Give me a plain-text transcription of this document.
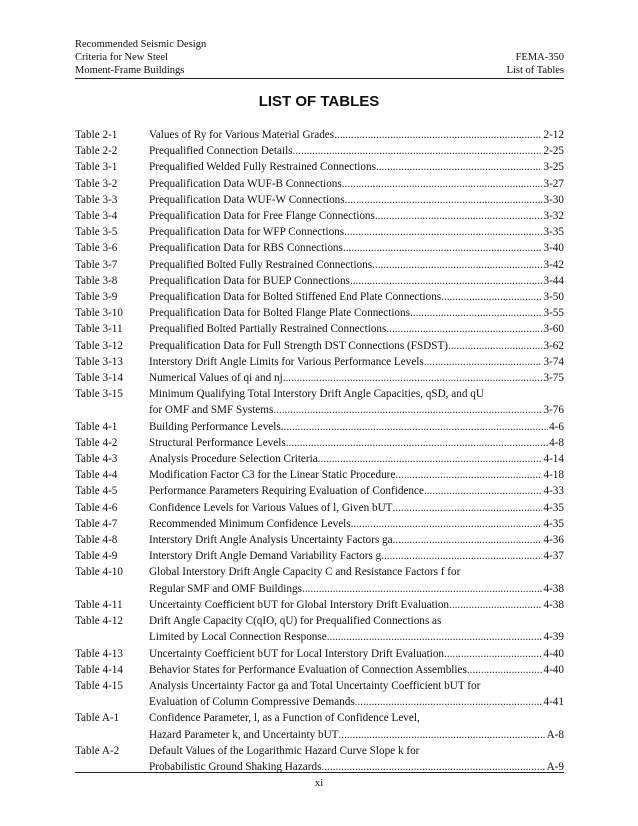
Recommended Seismic Design
Criteria for New Steel
Moment-Frame Buildings
FEMA-350
List of Tables
LIST OF TABLES
Table 2-1	Values of Ry for Various Material Grades .....	2-12
Table 2-2	Prequalified Connection Details .....	2-25
Table 3-1	Prequalified Welded Fully Restrained Connections .....	3-25
Table 3-2	Prequalification Data WUF-B Connections .....	3-27
Table 3-3	Prequalification Data WUF-W Connections .....	3-30
Table 3-4	Prequalification Data for Free Flange Connections .....	3-32
Table 3-5	Prequalification Data for WFP Connections .....	3-35
Table 3-6	Prequalification Data for RBS Connections .....	3-40
Table 3-7	Prequalified Bolted Fully Restrained Connections .....	3-42
Table 3-8	Prequalification Data for BUEP Connections .....	3-44
Table 3-9	Prequalification Data for Bolted Stiffened End Plate Connections .....	3-50
Table 3-10	Prequalification Data for Bolted Flange Plate Connections .....	3-55
Table 3-11	Prequalified Bolted Partially Restrained Connections .....	3-60
Table 3-12	Prequalification Data for Full Strength DST Connections (FSDST) .....	3-62
Table 3-13	Interstory Drift Angle Limits for Various Performance Levels .....	3-74
Table 3-14	Numerical Values of qi and nj .....	3-75
Table 3-15	Minimum Qualifying Total Interstory Drift Angle Capacities, qSD, and qU
for OMF and SMF Systems .....	3-76
Table 4-1	Building Performance Levels .....	4-6
Table 4-2	Structural Performance Levels .....	4-8
Table 4-3	Analysis Procedure Selection Criteria .....	4-14
Table 4-4	Modification Factor C3 for the Linear Static Procedure .....	4-18
Table 4-5	Performance Parameters Requiring Evaluation of Confidence .....	4-33
Table 4-6	Confidence Levels for Various Values of l, Given bUT .....	4-35
Table 4-7	Recommended Minimum Confidence Levels .....	4-35
Table 4-8	Interstory Drift Angle Analysis Uncertainty Factors ga .....	4-36
Table 4-9	Interstory Drift Angle Demand Variability Factors g .....	4-37
Table 4-10	Global Interstory Drift Angle Capacity C and Resistance Factors f for
Regular SMF and OMF Buildings .....	4-38
Table 4-11	Uncertainty Coefficient bUT for Global Interstory Drift Evaluation .....	4-38
Table 4-12	Drift Angle Capacity C(qIO, qU) for Prequalified Connections as
Limited by Local Connection Response .....	4-39
Table 4-13	Uncertainty Coefficient bUT for Local Interstory Drift Evaluation .....	4-40
Table 4-14	Behavior States for Performance Evaluation of Connection Assemblies .....	4-40
Table 4-15	Analysis Uncertainty Factor ga and Total Uncertainty Coefficient bUT for
Evaluation of Column Compressive Demands .....	4-41
Table A-1	Confidence Parameter, l, as a Function of Confidence Level,
Hazard Parameter k, and Uncertainty bUT .....	A-8
Table A-2	Default Values of the Logarithmic Hazard Curve Slope k for
Probabilistic Ground Shaking Hazards .....	A-9
xi
